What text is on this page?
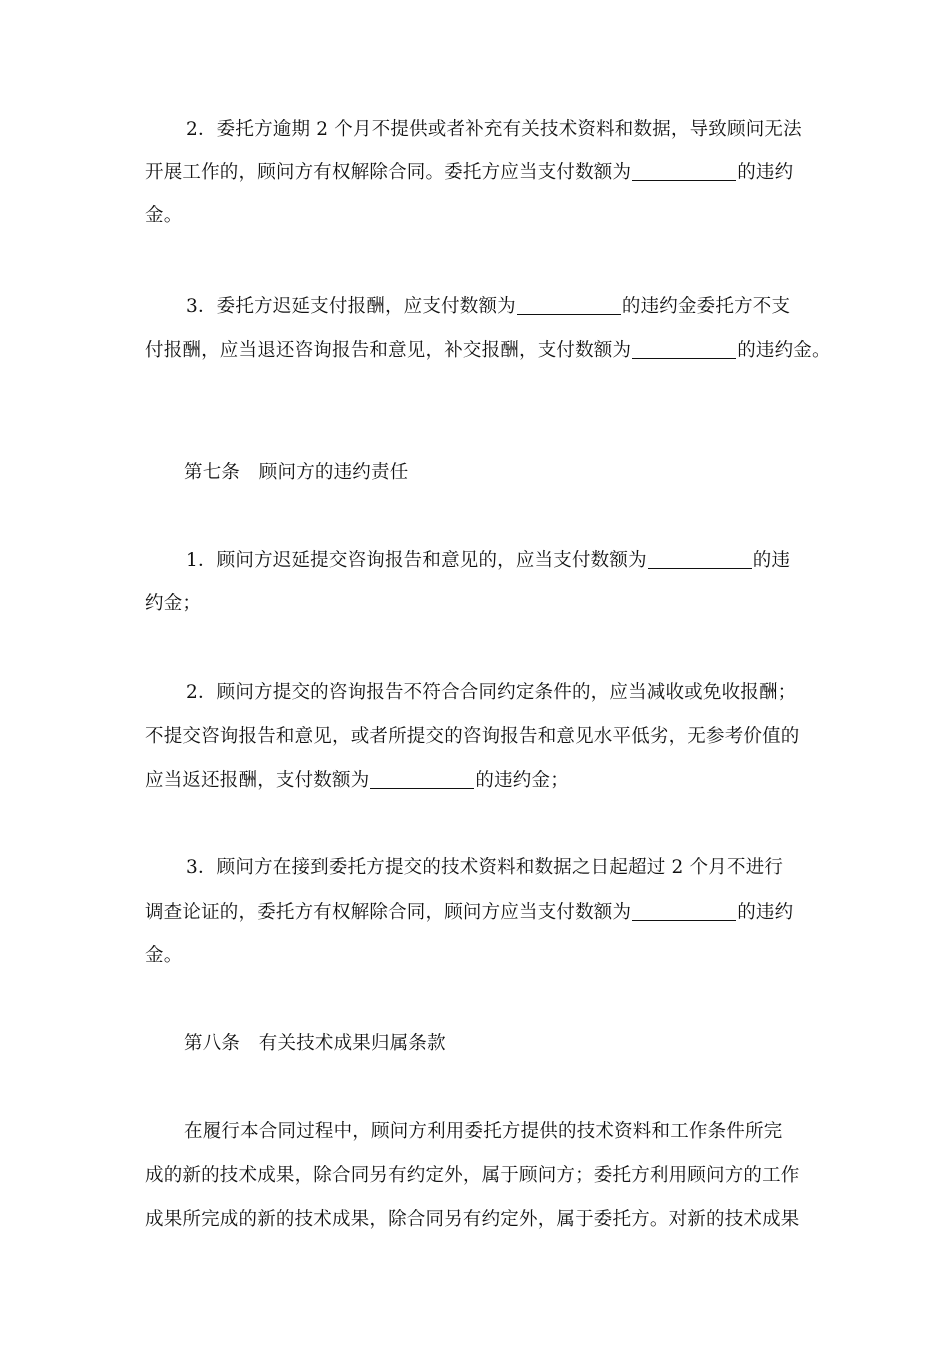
2．委托方逾期 2 个月不提供或者补充有关技术资料和数据，导致顾问无法
开展工作的，顾问方有权解除合同。委托方应当支付数额为	的违约
金。
3．委托方迟延支付报酬，应支付数额为	的违约金委托方不支
付报酬，应当退还咨询报告和意见，补交报酬，支付数额为	的违约金。
第七条　顾问方的违约责任
1．顾问方迟延提交咨询报告和意见的，应当支付数额为	的违
约金；
2．顾问方提交的咨询报告不符合合同约定条件的，应当减收或免收报酬；
不提交咨询报告和意见，或者所提交的咨询报告和意见水平低劣，无参考价值的
应当返还报酬，支付数额为	的违约金；
3．顾问方在接到委托方提交的技术资料和数据之日起超过 2 个月不进行
调查论证的，委托方有权解除合同，顾问方应当支付数额为	的违约
金。
第八条　有关技术成果归属条款
在履行本合同过程中，顾问方利用委托方提供的技术资料和工作条件所完
成的新的技术成果，除合同另有约定外，属于顾问方；委托方利用顾问方的工作
成果所完成的新的技术成果，除合同另有约定外，属于委托方。对新的技术成果
